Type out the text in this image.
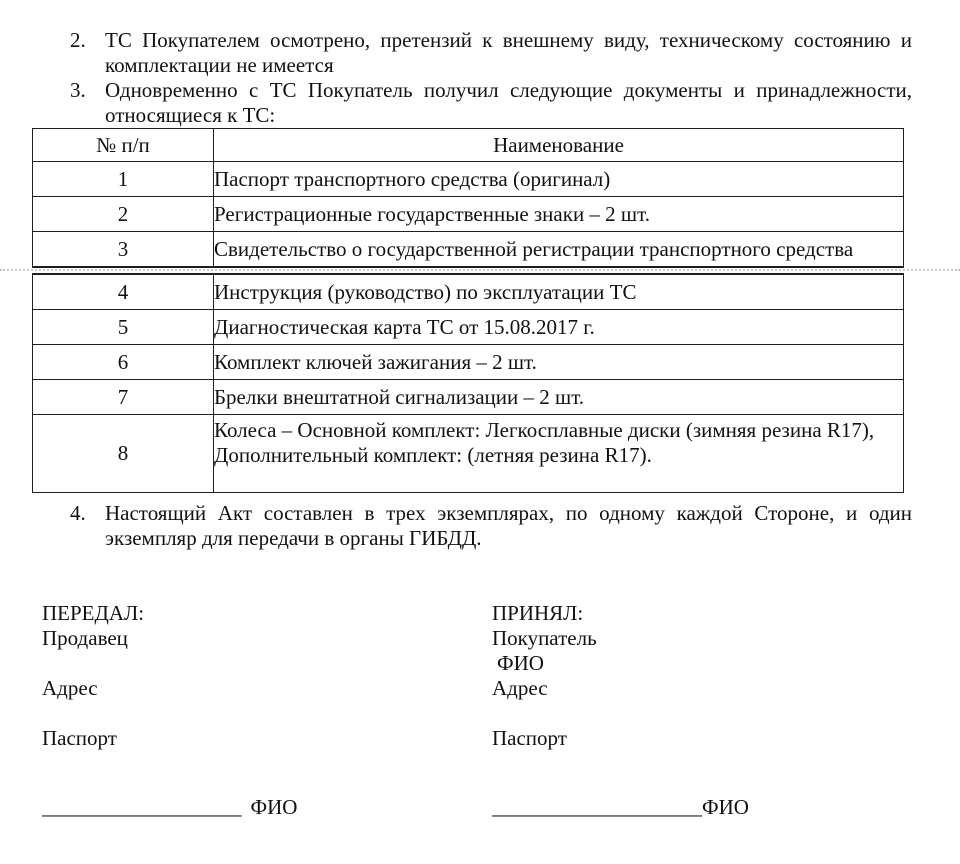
2. ТС Покупателем осмотрено, претензий к внешнему виду, техническому состоянию и комплектации не имеется
3. Одновременно с ТС Покупатель получил следующие документы и принадлежности, относящиеся к ТС:
№ п/п	Наименование
1	Паспорт транспортного средства (оригинал)
2	Регистрационные государственные знаки – 2 шт.
3	Свидетельство о государственной регистрации транспортного средства
4	Инструкция (руководство) по эксплуатации ТС
5	Диагностическая карта ТС от 15.08.2017 г.
6	Комплект ключей зажигания – 2 шт.
7	Брелки внештатной сигнализации – 2 шт.
8	Колеса – Основной комплект: Легкосплавные диски (зимняя резина R17), Дополнительный комплект: (летняя резина R17).
4. Настоящий Акт составлен в трех экземплярах, по одному каждой Стороне, и один экземпляр для передачи в органы ГИБДД.
ПЕРЕДАЛ:
Продавец
Адрес
Паспорт
ПРИНЯЛ:
Покупатель
ФИО
Адрес
Паспорт
___________________ ФИО	____________________ФИО
